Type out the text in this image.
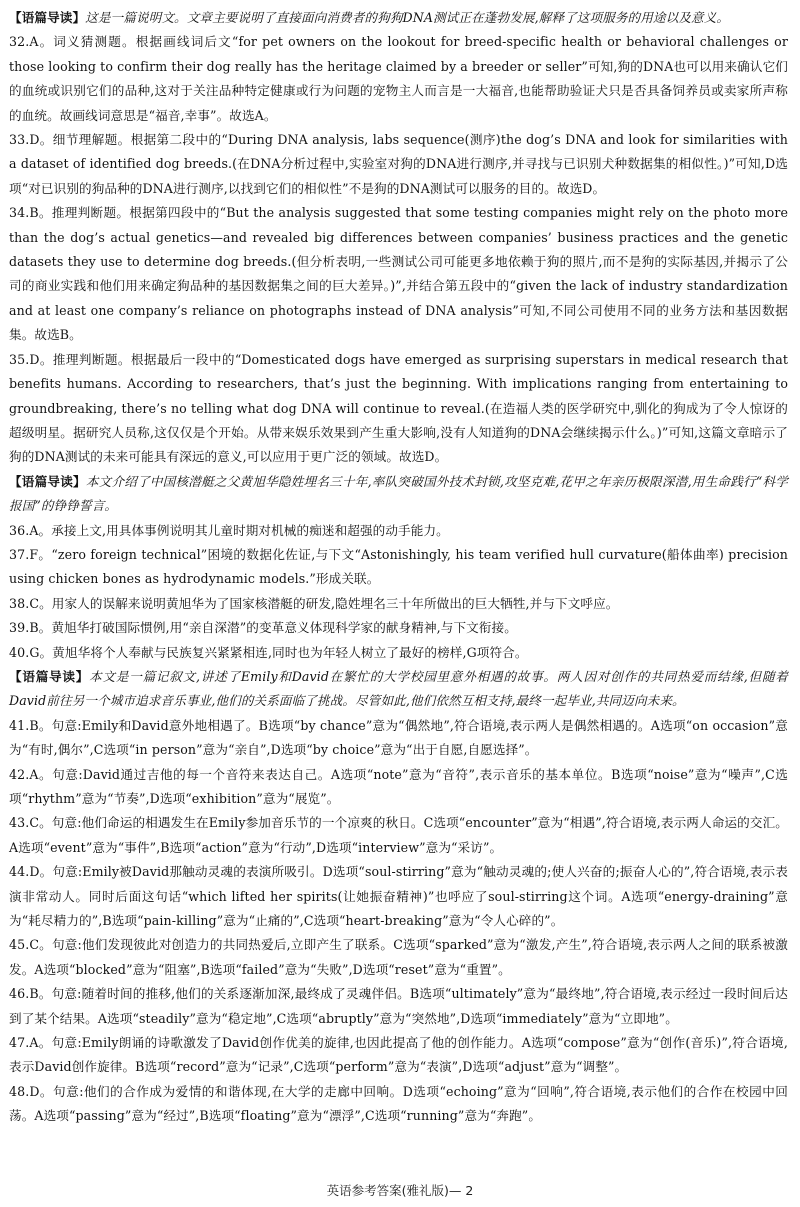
【语篇导读】这是一篇说明文。文章主要说明了直接面向消费者的狗狗DNA测试正在蓬勃发展,解释了这项服务的用途以及意义。

32.A。词义猜测题。根据画线词后文“for pet owners on the lookout for breed-specific health or behavioral challenges or those looking to confirm their dog really has the heritage claimed by a breeder or seller”可知,狗的DNA也可以用来确认它们的血统或识别它们的品种,这对于关注品种特定健康或行为问题的宠物主人而言是一大福音,也能帮助验证犬只是否具备饲养员或卖家所声称的血统。故画线词意思是“福音,幸事”。故选A。

33.D。细节理解题。根据第二段中的“During DNA analysis, labs sequence(测序)the dog’s DNA and look for similarities with a dataset of identified dog breeds.(在DNA分析过程中,实验室对狗的DNA进行测序,并寻找与已识别犬种数据集的相似性。)”可知,D选项“对已识别的狗品种的DNA进行测序,以找到它们的相似性”不是狗的DNA测试可以服务的目的。故选D。

34.B。推理判断题。根据第四段中的“But the analysis suggested that some testing companies might rely on the photo more than the dog’s actual genetics—and revealed big differences between companies’ business practices and the genetic datasets they use to determine dog breeds.(但分析表明,一些测试公司可能更多地依赖于狗的照片,而不是狗的实际基因,并揭示了公司的商业实践和他们用来确定狗品种的基因数据集之间的巨大差异。)”,并结合第五段中的“given the lack of industry standardization and at least one company’s reliance on photographs instead of DNA analysis”可知,不同公司使用不同的业务方法和基因数据集。故选B。

35.D。推理判断题。根据最后一段中的“Domesticated dogs have emerged as surprising superstars in medical research that benefits humans. According to researchers, that’s just the beginning. With implications ranging from entertaining to groundbreaking, there’s no telling what dog DNA will continue to reveal.(在造福人类的医学研究中,驯化的狗成为了令人惊讶的超级明星。据研究人员称,这仅仅是个开始。从带来娱乐效果到产生重大影响,没有人知道狗的DNA会继续揭示什么。)”可知,这篇文章暗示了狗的DNA测试的未来可能具有深远的意义,可以应用于更广泛的领域。故选D。

【语篇导读】本文介绍了中国核潜艇之父黄旭华隐姓埋名三十年,率队突破国外技术封锁,攻坚克难,花甲之年亲历极限深潜,用生命践行“科学报国”的铮铮誓言。

36.A。承接上文,用具体事例说明其儿童时期对机械的痴迷和超强的动手能力。

37.F。“zero foreign technical”困境的数据化佐证,与下文“Astonishingly, his team verified hull curvature(船体曲率) precision using chicken bones as hydrodynamic models.”形成关联。

38.C。用家人的误解来说明黄旭华为了国家核潜艇的研发,隐姓埋名三十年所做出的巨大牺牲,并与下文呼应。

39.B。黄旭华打破国际惯例,用“亲自深潜”的变革意义体现科学家的献身精神,与下文衔接。

40.G。黄旭华将个人奉献与民族复兴紧紧相连,同时也为年轻人树立了最好的榜样,G项符合。

【语篇导读】本文是一篇记叙文,讲述了Emily和David在繁忙的大学校园里意外相遇的故事。两人因对创作的共同热爱而结缘,但随着David前往另一个城市追求音乐事业,他们的关系面临了挑战。尽管如此,他们依然互相支持,最终一起毕业,共同迈向未来。

41.B。句意:Emily和David意外地相遇了。B选项“by chance”意为“偶然地”,符合语境,表示两人是偶然相遇的。A选项“on occasion”意为“有时,偶尔”,C选项“in person”意为“亲自”,D选项“by choice”意为“出于自愿,自愿选择”。

42.A。句意:David通过吉他的每一个音符来表达自己。A选项“note”意为“音符”,表示音乐的基本单位。B选项“noise”意为“噪声”,C选项“rhythm”意为“节奏”,D选项“exhibition”意为“展览”。

43.C。句意:他们命运的相遇发生在Emily参加音乐节的一个凉爽的秋日。C选项“encounter”意为“相遇”,符合语境,表示两人命运的交汇。A选项“event”意为“事件”,B选项“action”意为“行动”,D选项“interview”意为“采访”。

44.D。句意:Emily被David那触动灵魂的表演所吸引。D选项“soul-stirring”意为“触动灵魂的;使人兴奋的;振奋人心的”,符合语境,表示表演非常动人。同时后面这句话“which lifted her spirits(让她振奋精神)”也呼应了soul-stirring这个词。A选项“energy-draining”意为“耗尽精力的”,B选项“pain-killing”意为“止痛的”,C选项“heart-breaking”意为“令人心碎的”。

45.C。句意:他们发现彼此对创造力的共同热爱后,立即产生了联系。C选项“sparked”意为“激发,产生”,符合语境,表示两人之间的联系被激发。A选项“blocked”意为“阻塞”,B选项“failed”意为“失败”,D选项“reset”意为“重置”。

46.B。句意:随着时间的推移,他们的关系逐渐加深,最终成了灵魂伴侣。B选项“ultimately”意为“最终地”,符合语境,表示经过一段时间后达到了某个结果。A选项“steadily”意为“稳定地”,C选项“abruptly”意为“突然地”,D选项“immediately”意为“立即地”。

47.A。句意:Emily朗诵的诗歌激发了David创作优美的旋律,也因此提高了他的创作能力。A选项“compose”意为“创作(音乐)”,符合语境,表示David创作旋律。B选项“record”意为“记录”,C选项“perform”意为“表演”,D选项“adjust”意为“调整”。

48.D。句意:他们的合作成为爱情的和谐体现,在大学的走廊中回响。D选项“echoing”意为“回响”,符合语境,表示他们的合作在校园中回荡。A选项“passing”意为“经过”,B选项“floating”意为“漂浮”,C选项“running”意为“奔跑”。

英语参考答案(雅礼版)— 2
